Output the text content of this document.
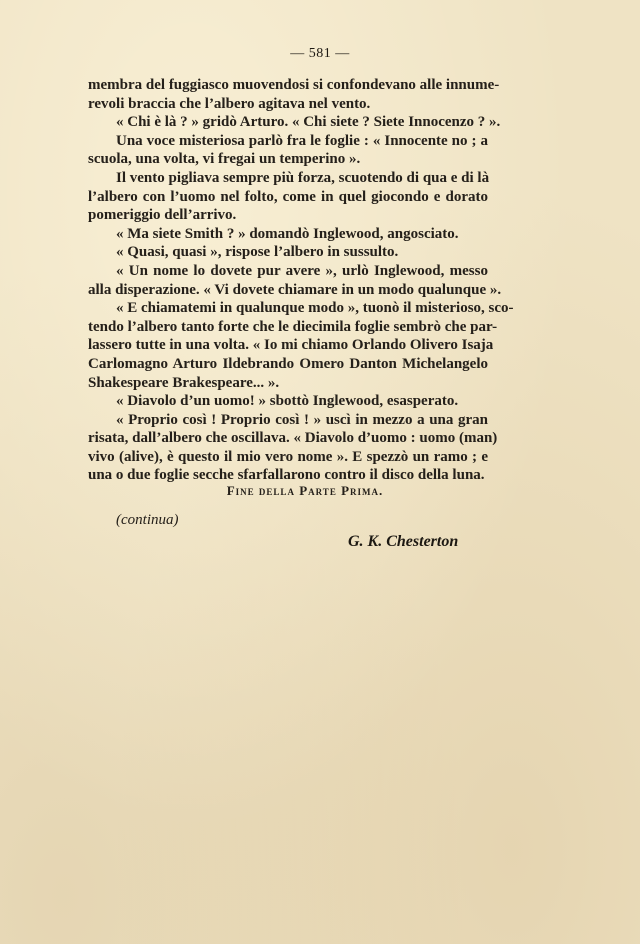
— 581 —
membra del fuggiasco muovendosi si confondevano alle innume-
revoli braccia che l’albero agitava nel vento.
« Chi è là ? » gridò Arturo. « Chi siete ? Siete Innocenzo ? ».
Una voce misteriosa parlò fra le foglie : « Innocente no ; a
scuola, una volta, vi fregai un temperino ».
Il vento pigliava sempre più forza, scuotendo di qua e di là
l’albero con l’uomo nel folto, come in quel giocondo e dorato
pomeriggio dell’arrivo.
« Ma siete Smith ? » domandò Inglewood, angosciato.
« Quasi, quasi », rispose l’albero in sussulto.
« Un nome lo dovete pur avere », urlò Inglewood, messo
alla disperazione. « Vi dovete chiamare in un modo qualunque ».
« E chiamatemi in qualunque modo », tuonò il misterioso, sco-
tendo l’albero tanto forte che le diecimila foglie sembrò che par-
lassero tutte in una volta. « Io mi chiamo Orlando Olivero Isaja
Carlomagno Arturo Ildebrando Omero Danton Michelangelo
Shakespeare Brakespeare... ».
« Diavolo d’un uomo! » sbottò Inglewood, esasperato.
« Proprio così ! Proprio così ! » uscì in mezzo a una gran
risata, dall’albero che oscillava. « Diavolo d’uomo : uomo (man)
vivo (alive), è questo il mio vero nome ». E spezzò un ramo ; e
una o due foglie secche sfarfallarono contro il disco della luna.
Fine della Parte Prima.
(continua)
G. K. Chesterton
